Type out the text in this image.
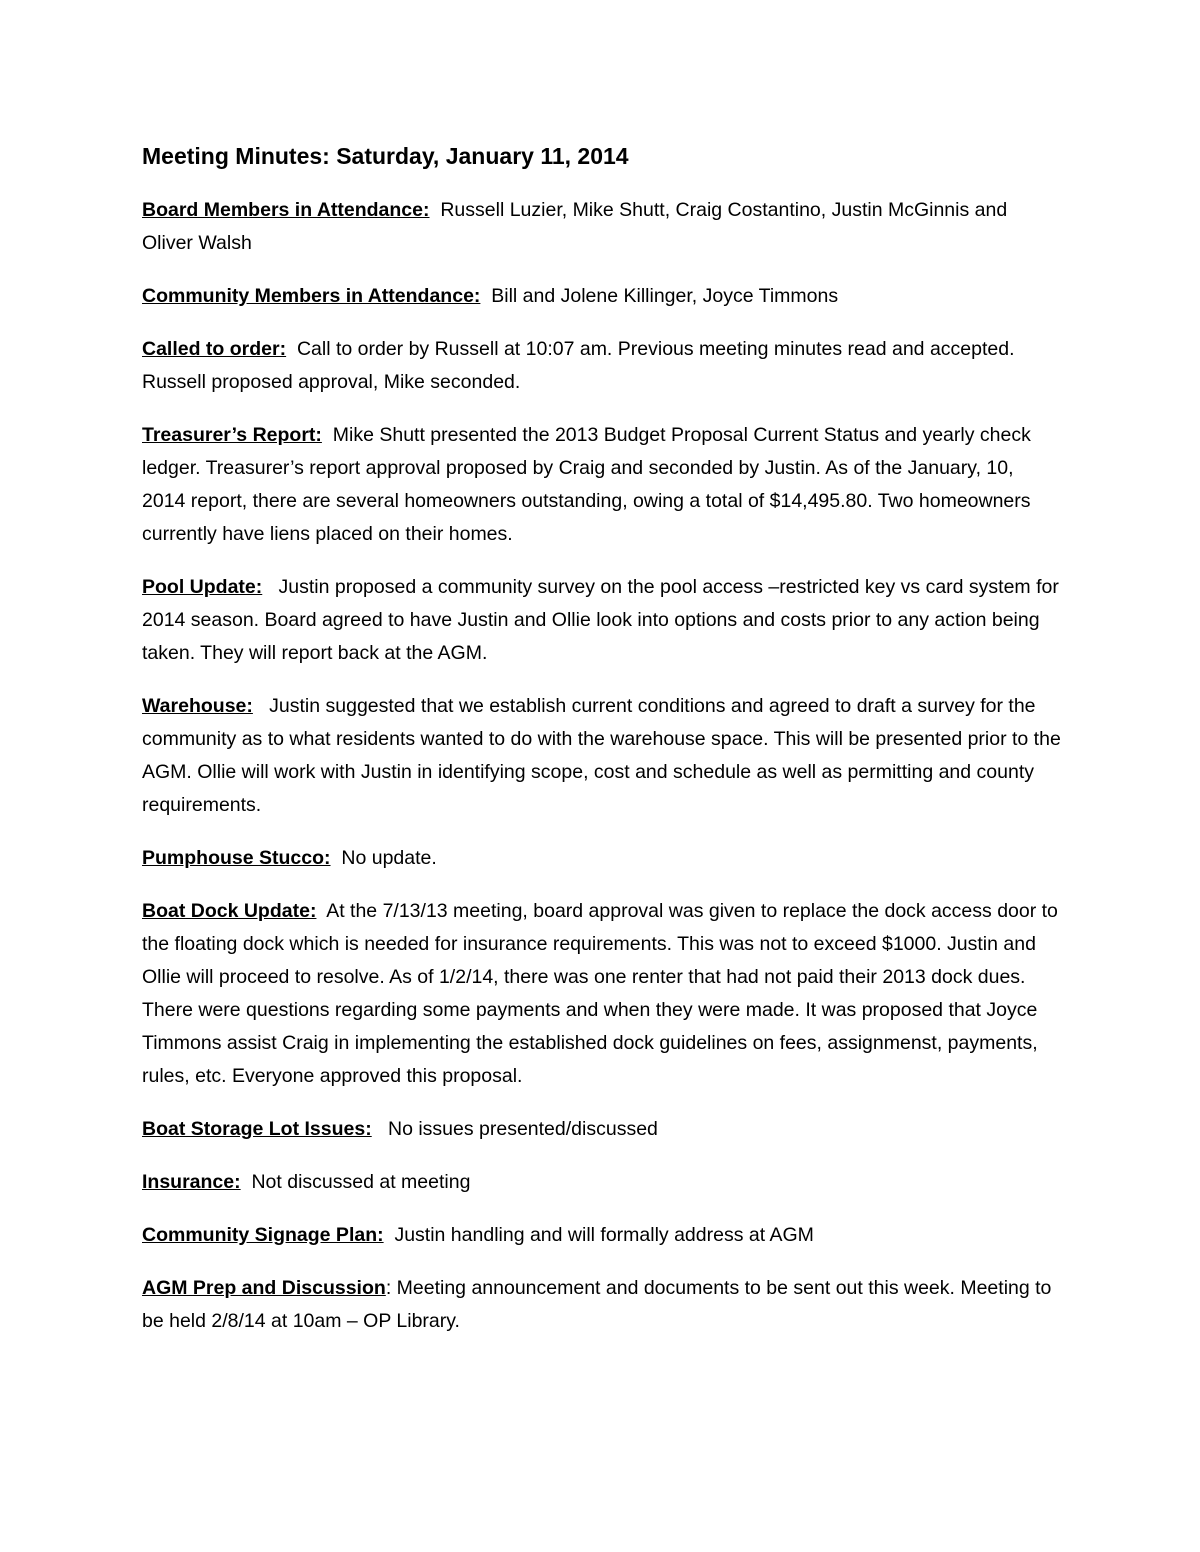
Meeting Minutes: Saturday, January 11, 2014

Board Members in Attendance: Russell Luzier, Mike Shutt, Craig Costantino, Justin McGinnis and Oliver Walsh

Community Members in Attendance: Bill and Jolene Killinger, Joyce Timmons

Called to order: Call to order by Russell at 10:07 am. Previous meeting minutes read and accepted. Russell proposed approval, Mike seconded.

Treasurer’s Report: Mike Shutt presented the 2013 Budget Proposal Current Status and yearly check ledger. Treasurer’s report approval proposed by Craig and seconded by Justin. As of the January, 10, 2014 report, there are several homeowners outstanding, owing a total of $14,495.80. Two homeowners currently have liens placed on their homes.

Pool Update: Justin proposed a community survey on the pool access –restricted key vs card system for 2014 season. Board agreed to have Justin and Ollie look into options and costs prior to any action being taken. They will report back at the AGM.

Warehouse: Justin suggested that we establish current conditions and agreed to draft a survey for the community as to what residents wanted to do with the warehouse space. This will be presented prior to the AGM. Ollie will work with Justin in identifying scope, cost and schedule as well as permitting and county requirements.

Pumphouse Stucco: No update.

Boat Dock Update: At the 7/13/13 meeting, board approval was given to replace the dock access door to the floating dock which is needed for insurance requirements. This was not to exceed $1000. Justin and Ollie will proceed to resolve. As of 1/2/14, there was one renter that had not paid their 2013 dock dues. There were questions regarding some payments and when they were made. It was proposed that Joyce Timmons assist Craig in implementing the established dock guidelines on fees, assignmenst, payments, rules, etc. Everyone approved this proposal.

Boat Storage Lot Issues: No issues presented/discussed

Insurance: Not discussed at meeting

Community Signage Plan: Justin handling and will formally address at AGM

AGM Prep and Discussion: Meeting announcement and documents to be sent out this week. Meeting to be held 2/8/14 at 10am – OP Library.
